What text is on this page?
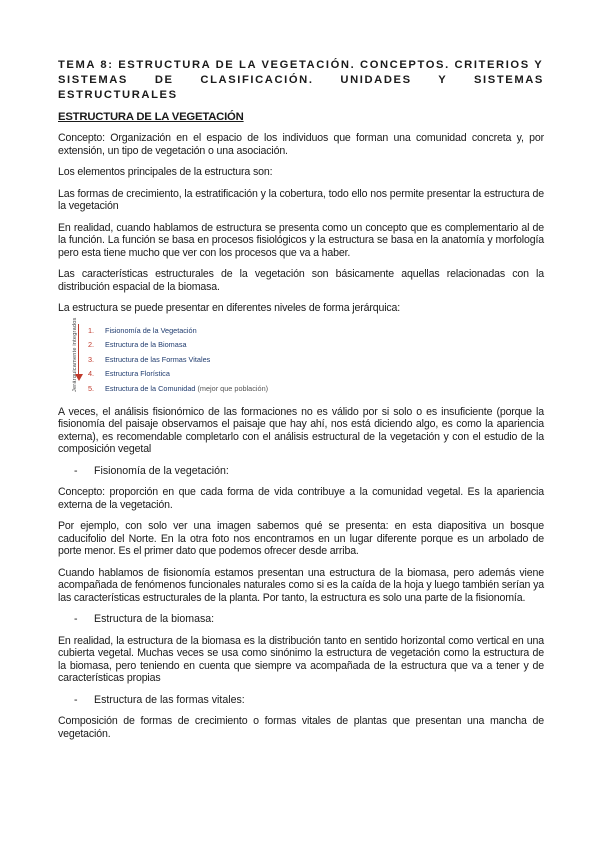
TEMA 8: ESTRUCTURA DE LA VEGETACIÓN. CONCEPTOS. CRITERIOS Y
SISTEMAS DE CLASIFICACIÓN. UNIDADES Y SISTEMAS ESTRUCTURALES
ESTRUCTURA DE LA VEGETACIÓN

Concepto: Organización en el espacio de los individuos que forman una comunidad concreta y, por extensión, un tipo de vegetación o una asociación.

Los elementos principales de la estructura son:

Las formas de crecimiento, la estratificación y la cobertura, todo ello nos permite presentar la estructura de la vegetación

En realidad, cuando hablamos de estructura se presenta como un concepto que es complementario al de la función. La función se basa en procesos fisiológicos y la estructura se basa en la anatomía y morfología pero esta tiene mucho que ver con los procesos que va a haber.

Las características estructurales de la vegetación son básicamente aquellas relacionadas con la distribución espacial de la biomasa.

La estructura se puede presentar en diferentes niveles de forma jerárquica:

Jerárquicamente integrados 1. Fisionomía de la Vegetación
2. Estructura de la Biomasa
3. Estructura de las Formas Vitales
4. Estructura Florística
5. Estructura de la Comunidad (mejor que población)

A veces, el análisis fisionómico de las formaciones no es válido por si solo o es insuficiente (porque la fisionomía del paisaje observamos el paisaje que hay ahí, nos está diciendo algo, es como la apariencia externa), es recomendable completarlo con el análisis estructural de la vegetación y con el estudio de la composición vegetal

- Fisionomía de la vegetación:

Concepto: proporción en que cada forma de vida contribuye a la comunidad vegetal. Es la apariencia externa de la vegetación.

Por ejemplo, con solo ver una imagen sabemos qué se presenta: en esta diapositiva un bosque caducifolio del Norte. En la otra foto nos encontramos en un lugar diferente porque es un arbolado de porte menor. Es el primer dato que podemos ofrecer desde arriba.

Cuando hablamos de fisionomía estamos presentan una estructura de la biomasa, pero además viene acompañada de fenómenos funcionales naturales como si es la caída de la hoja y luego también serían ya las características estructurales de la planta. Por tanto, la estructura es solo una parte de la fisionomía.

- Estructura de la biomasa:

En realidad, la estructura de la biomasa es la distribución tanto en sentido horizontal como vertical en una cubierta vegetal. Muchas veces se usa como sinónimo la estructura de vegetación como la estructura de la biomasa, pero teniendo en cuenta que siempre va acompañada de la estructura que va a tener y de características propias

- Estructura de las formas vitales:

Composición de formas de crecimiento o formas vitales de plantas que presentan una mancha de vegetación.
